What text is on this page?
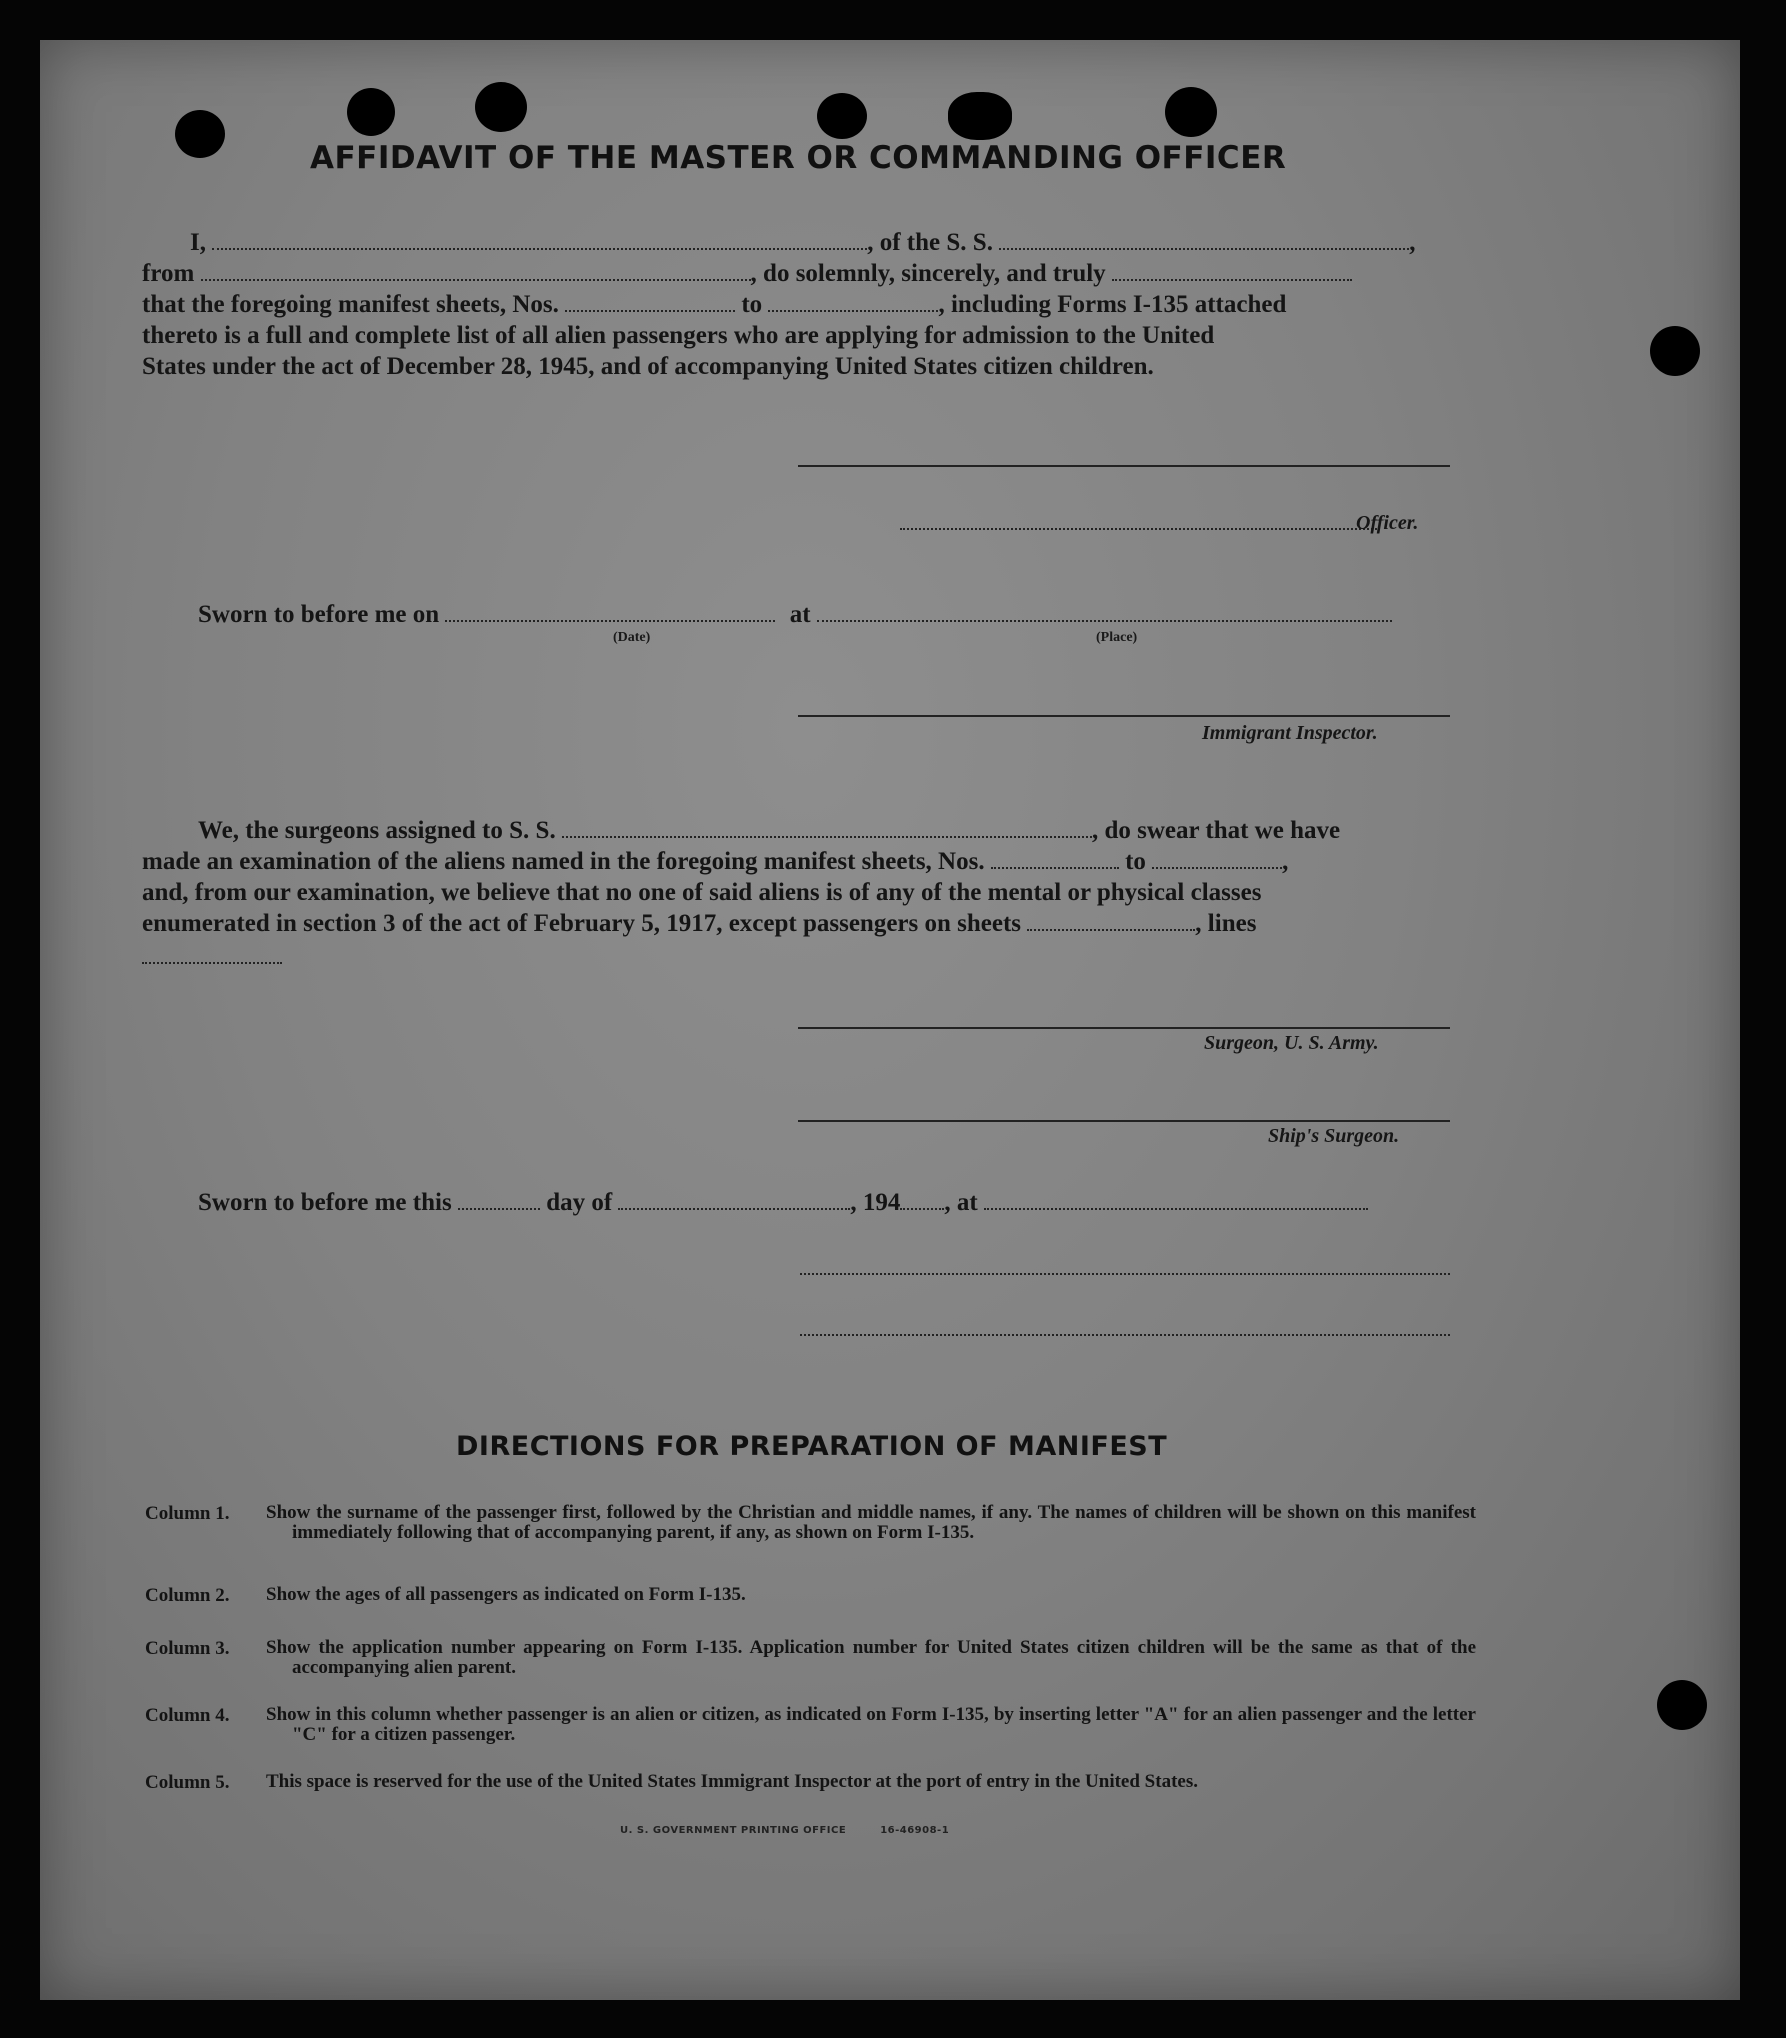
AFFIDAVIT OF THE MASTER OR COMMANDING OFFICER
I,	, of the S. S.	,
from	, do solemnly, sincerely, and truly
that the foregoing manifest sheets, Nos.	to	, including Forms I-135 attached
thereto is a full and complete list of all alien passengers who are applying for admission to the United
States under the act of December 28, 1945, and of accompanying United States citizen children.
Officer.
Sworn to before me on	at
(Date)	(Place)
Immigrant Inspector.
We, the surgeons assigned to S. S.	, do swear that we have
made an examination of the aliens named in the foregoing manifest sheets, Nos.	to	,
and, from our examination, we believe that no one of said aliens is of any of the mental or physical classes
enumerated in section 3 of the act of February 5, 1917, except passengers on sheets	, lines
Surgeon, U. S. Army.
Ship's Surgeon.
Sworn to before me this	day of	, 194 , at
DIRECTIONS FOR PREPARATION OF MANIFEST
Column 1. Show the surname of the passenger first, followed by the Christian and middle names, if any. The names of children will be shown on this manifest immediately following that of accompanying parent, if any, as shown on Form I-135.
Column 2. Show the ages of all passengers as indicated on Form I-135.
Column 3. Show the application number appearing on Form I-135. Application number for United States citizen children will be the same as that of the accompanying alien parent.
Column 4. Show in this column whether passenger is an alien or citizen, as indicated on Form I-135, by inserting letter "A" for an alien passenger and the letter "C" for a citizen passenger.
Column 5. This space is reserved for the use of the United States Immigrant Inspector at the port of entry in the United States.
U. S. GOVERNMENT PRINTING OFFICE	16-46908-1
